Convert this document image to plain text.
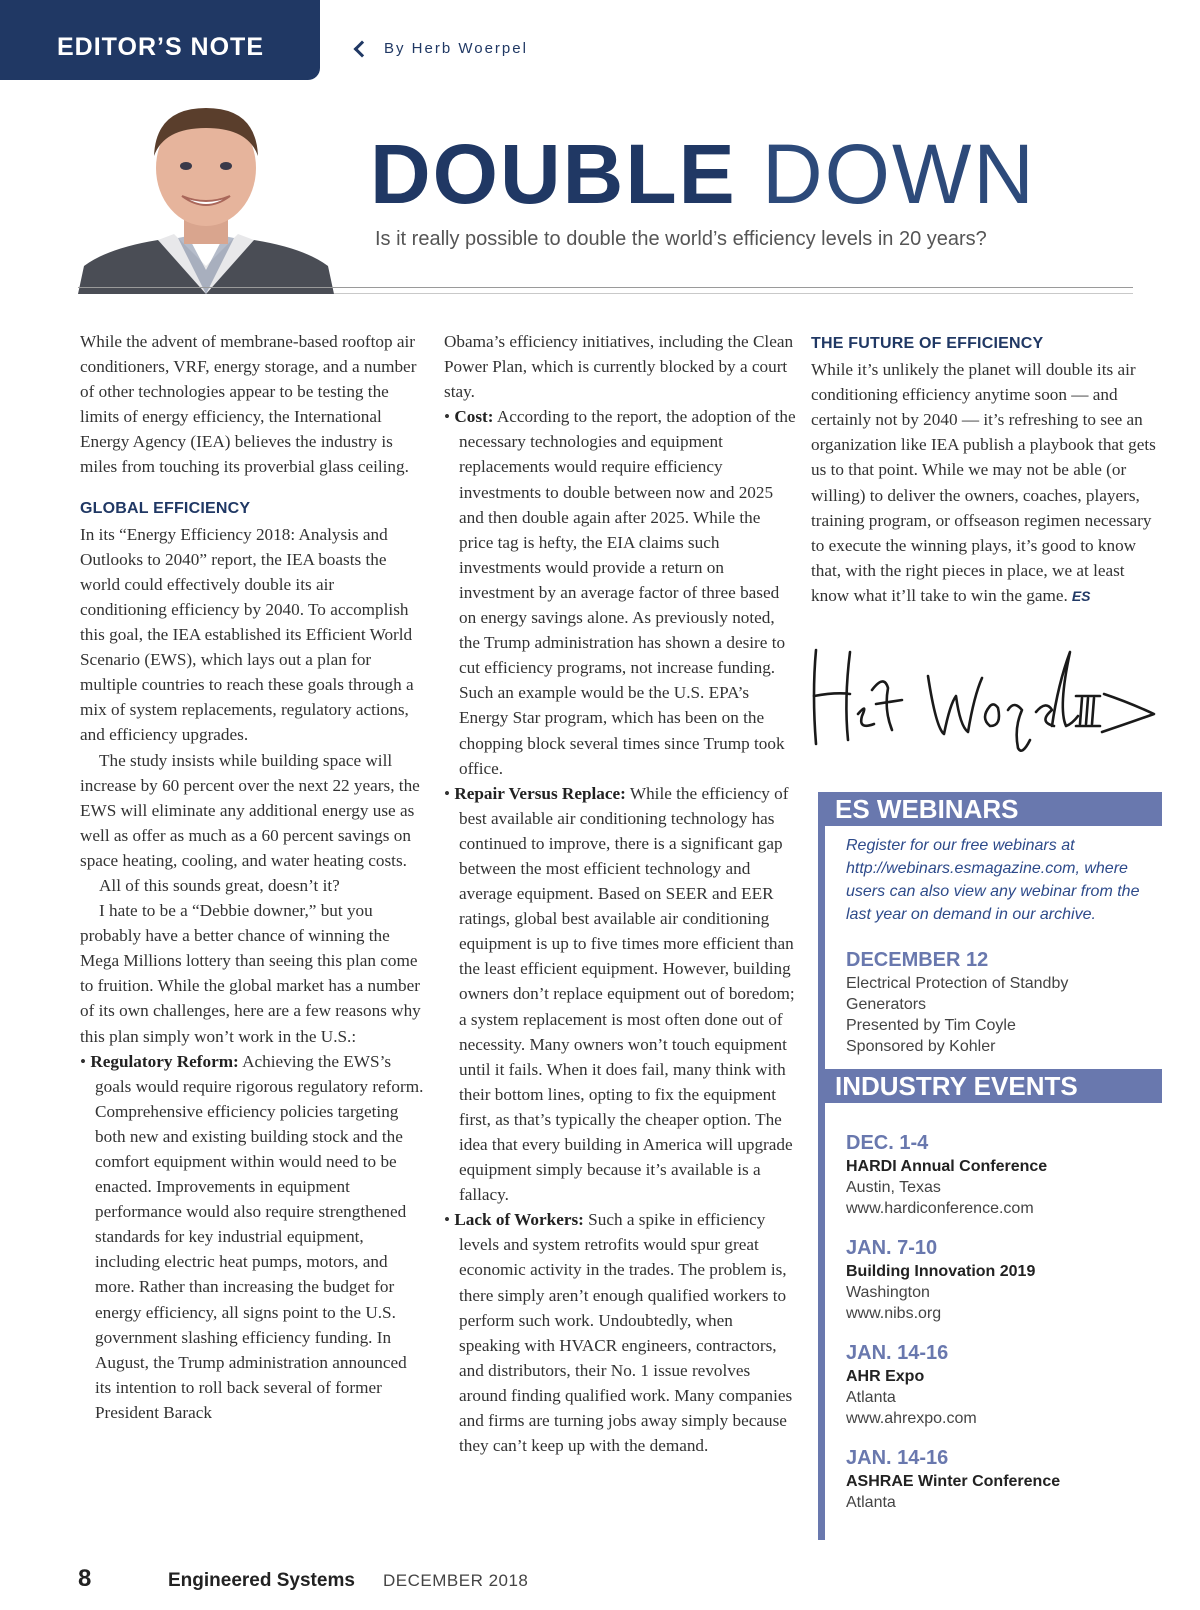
EDITOR’S NOTE	By Herb Woerpel
DOUBLE DOWN
Is it really possible to double the world’s efficiency levels in 20 years?

While the advent of membrane-based rooftop air conditioners, VRF, energy storage, and a number of other technologies appear to be testing the limits of energy efficiency, the International Energy Agency (IEA) believes the industry is miles from touching its proverbial glass ceiling.

GLOBAL EFFICIENCY

In its “Energy Efficiency 2018: Analysis and Outlooks to 2040” report, the IEA boasts the world could effectively double its air conditioning efficiency by 2040. To accomplish this goal, the IEA established its Efficient World Scenario (EWS), which lays out a plan for multiple countries to reach these goals through a mix of system replacements, regulatory actions, and efficiency upgrades.

The study insists while building space will increase by 60 percent over the next 22 years, the EWS will eliminate any additional energy use as well as offer as much as a 60 percent savings on space heating, cooling, and water heating costs.

All of this sounds great, doesn’t it?

I hate to be a “Debbie downer,” but you probably have a better chance of winning the Mega Millions lottery than seeing this plan come to fruition. While the global market has a number of its own challenges, here are a few reasons why this plan simply won’t work in the U.S.:

• Regulatory Reform: Achieving the EWS’s goals would require rigorous regulatory reform. Comprehensive efficiency policies targeting both new and existing building stock and the comfort equipment within would need to be enacted. Improvements in equipment performance would also require strengthened standards for key industrial equipment, including electric heat pumps, motors, and more. Rather than increasing the budget for energy efficiency, all signs point to the U.S. government slashing efficiency funding. In August, the Trump administration announced its intention to roll back several of former President Barack

Obama’s efficiency initiatives, including the Clean Power Plan, which is currently blocked by a court stay.

• Cost: According to the report, the adoption of the necessary technologies and equipment replacements would require efficiency investments to double between now and 2025 and then double again after 2025. While the price tag is hefty, the EIA claims such investments would provide a return on investment by an average factor of three based on energy savings alone. As previously noted, the Trump administration has shown a desire to cut efficiency programs, not increase funding. Such an example would be the U.S. EPA’s Energy Star program, which has been on the chopping block several times since Trump took office.

• Repair Versus Replace: While the efficiency of best available air conditioning technology has continued to improve, there is a significant gap between the most efficient technology and average equipment. Based on SEER and EER ratings, global best available air conditioning equipment is up to five times more efficient than the least efficient equipment. However, building owners don’t replace equipment out of boredom; a system replacement is most often done out of necessity. Many owners won’t touch equipment until it fails. When it does fail, many think with their bottom lines, opting to fix the equipment first, as that’s typically the cheaper option. The idea that every building in America will upgrade equipment simply because it’s available is a fallacy.

• Lack of Workers: Such a spike in efficiency levels and system retrofits would spur great economic activity in the trades. The problem is, there simply aren’t enough qualified workers to perform such work. Undoubtedly, when speaking with HVACR engineers, contractors, and distributors, their No. 1 issue revolves around finding qualified work. Many companies and firms are turning jobs away simply because they can’t keep up with the demand.

THE FUTURE OF EFFICIENCY

While it’s unlikely the planet will double its air conditioning efficiency anytime soon — and certainly not by 2040 — it’s refreshing to see an organization like IEA publish a playbook that gets us to that point. While we may not be able (or willing) to deliver the owners, coaches, players, training program, or offseason regimen necessary to execute the winning plays, it’s good to know that, with the right pieces in place, we at least know what it’ll take to win the game. ES

ES WEBINARS
Register for our free webinars at http://webinars.esmagazine.com, where users can also view any webinar from the last year on demand in our archive.
DECEMBER 12
Electrical Protection of Standby Generators
Presented by Tim Coyle
Sponsored by Kohler
INDUSTRY EVENTS
DEC. 1-4
HARDI Annual Conference
Austin, Texas
www.hardiconference.com
JAN. 7-10
Building Innovation 2019
Washington
www.nibs.org
JAN. 14-16
AHR Expo
Atlanta
www.ahrexpo.com
JAN. 14-16
ASHRAE Winter Conference
Atlanta
8	Engineered Systems DECEMBER 2018
